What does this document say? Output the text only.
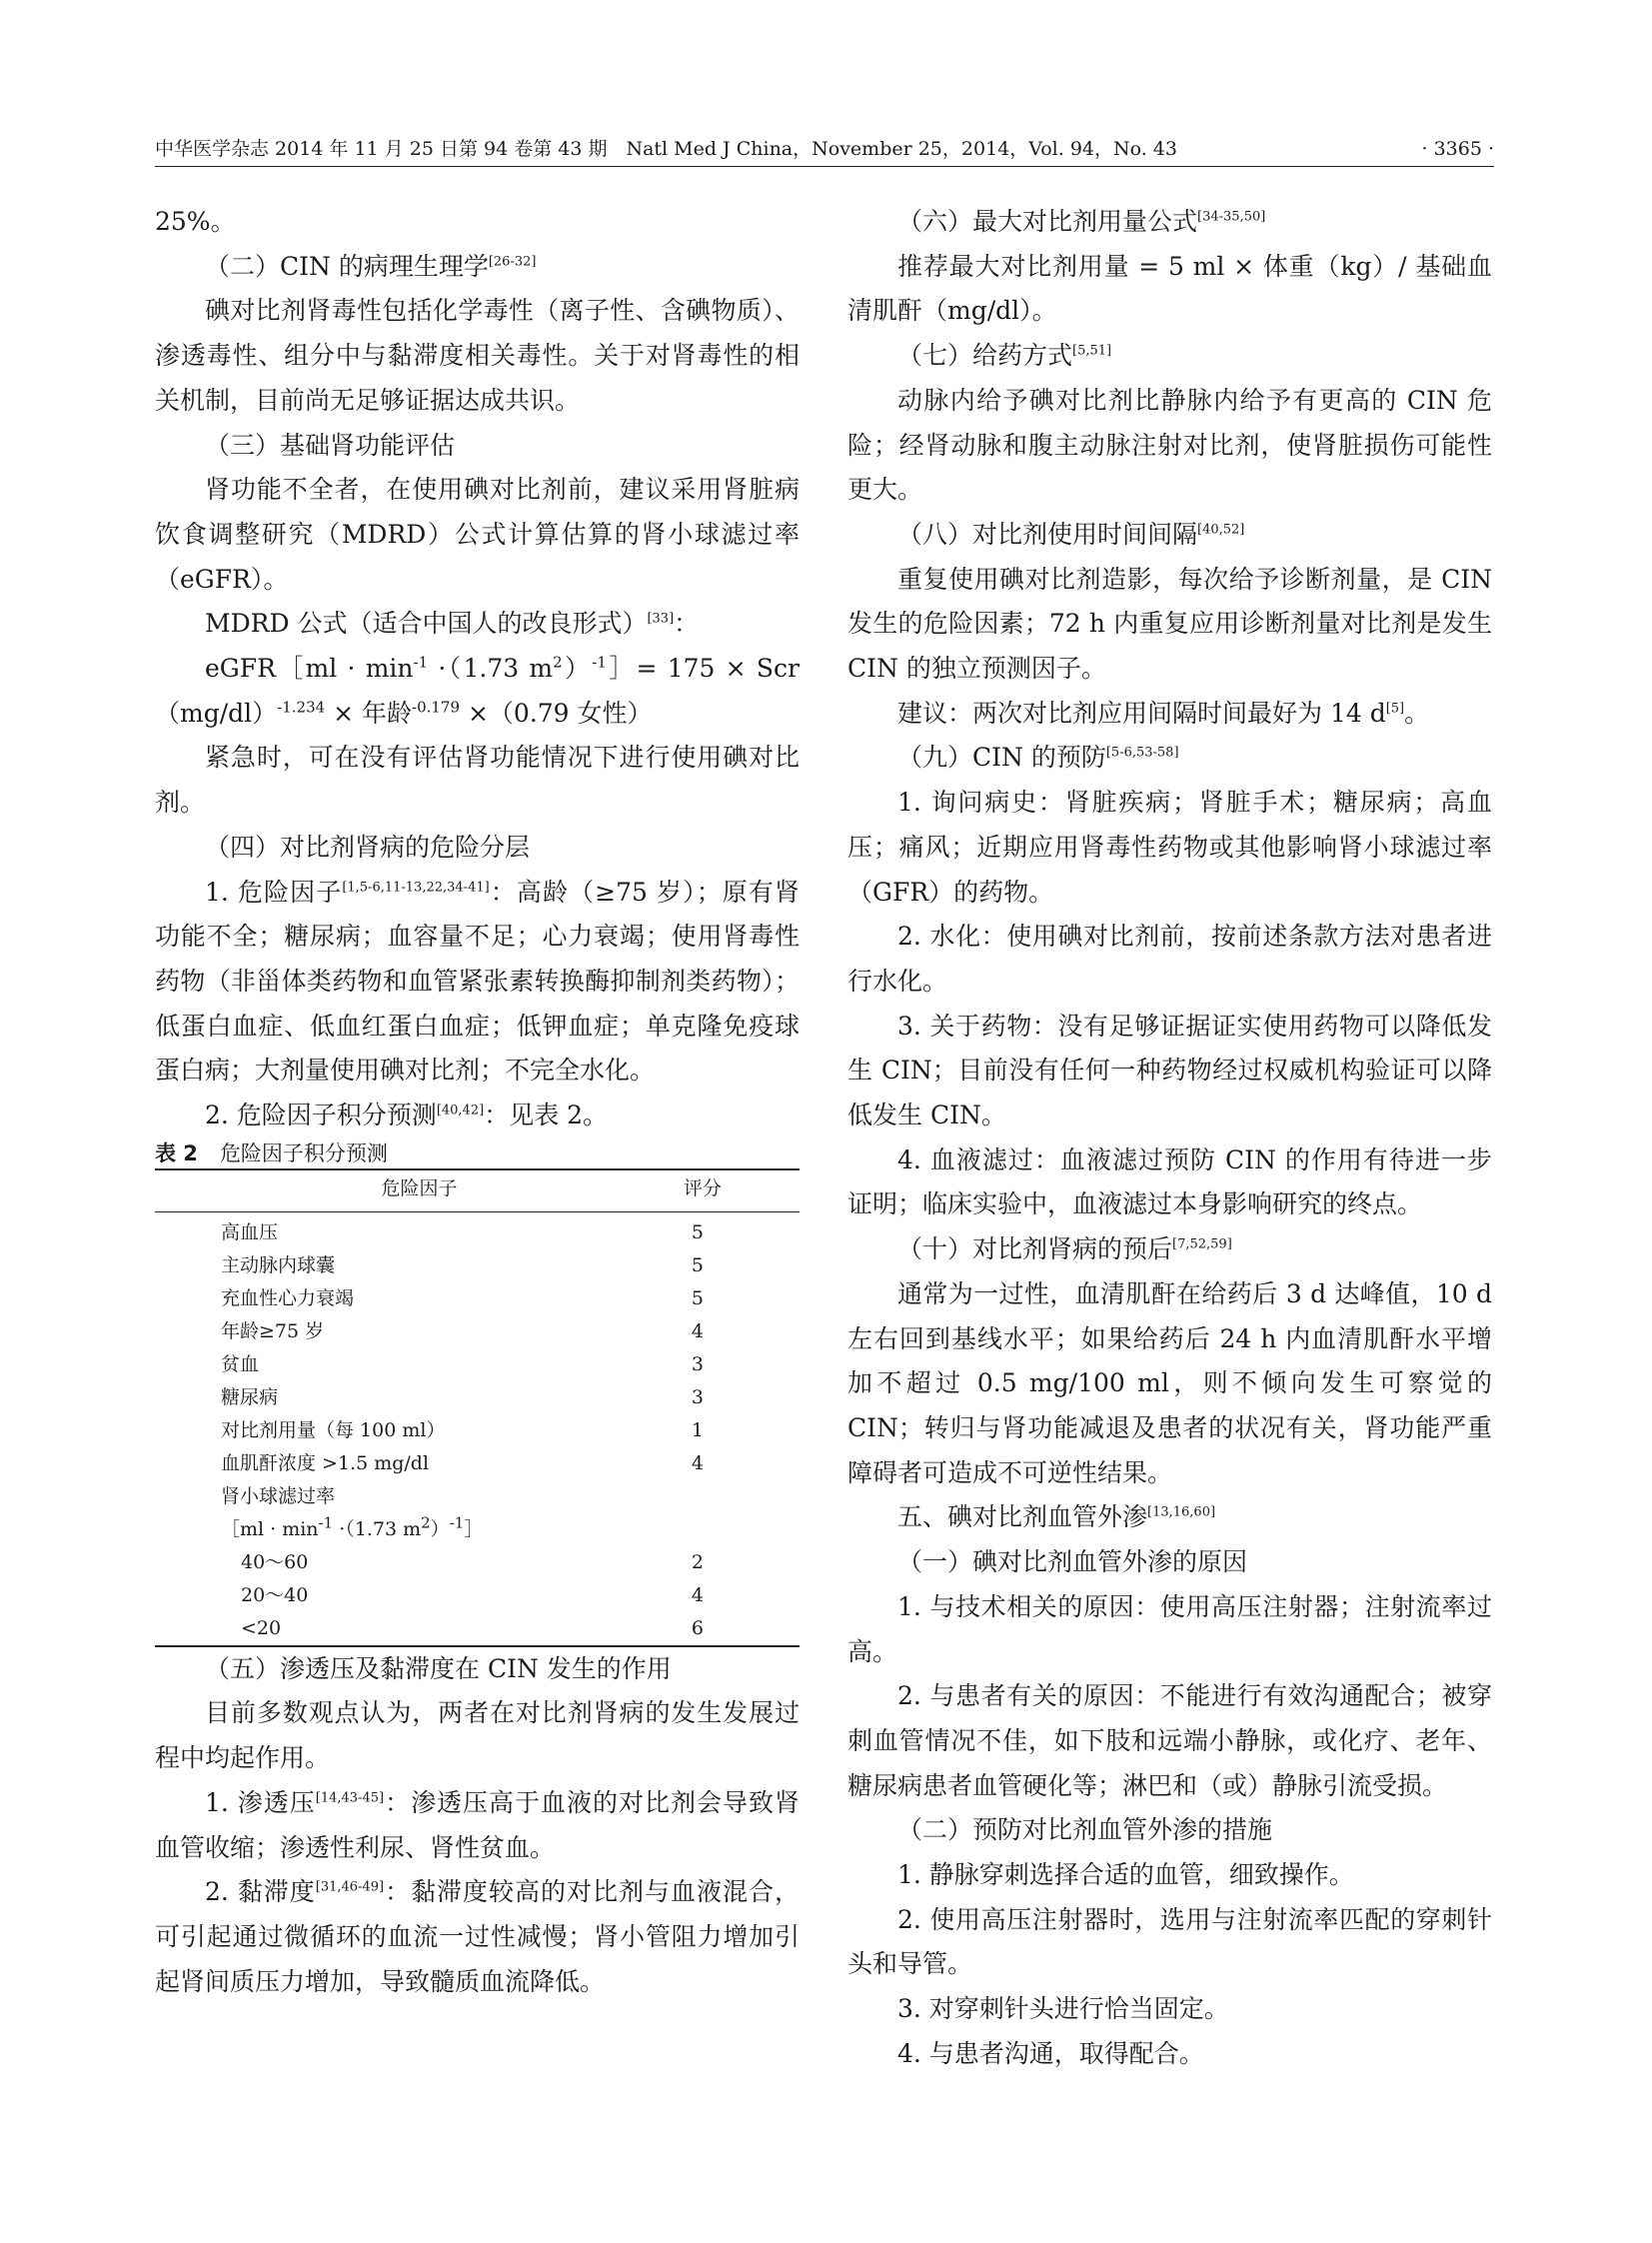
中华医学杂志 2014 年 11 月 25 日第 94 卷第 43 期　Natl Med J China，November 25，2014，Vol. 94，No. 43	· 3365 ·

25%。

（二）CIN 的病理生理学[26-32]

碘对比剂肾毒性包括化学毒性（离子性、含碘物质）、渗透毒性、组分中与黏滞度相关毒性。关于对肾毒性的相关机制，目前尚无足够证据达成共识。

（三）基础肾功能评估

肾功能不全者，在使用碘对比剂前，建议采用肾脏病饮食调整研究（MDRD）公式计算估算的肾小球滤过率（eGFR）。

MDRD 公式（适合中国人的改良形式）[33]：

eGFR［ml · $\min^{-1} \cdot(1.73$ $m^2)^{-1}]= 175 \times Scr(mg/dl)^{-1.234}$ × 年龄$^{-0.179}$ ×（0.79 女性）

紧急时，可在没有评估肾功能情况下进行使用碘对比剂。

（四）对比剂肾病的危险分层

1. 危险因子[1,5-6,11-13,22,34-41]：高龄（≥75 岁）；原有肾功能不全；糖尿病；血容量不足；心力衰竭；使用肾毒性药物（非甾体类药物和血管紧张素转换酶抑制剂类药物）；低蛋白血症、低血红蛋白血症；低钾血症；单克隆免疫球蛋白病；大剂量使用碘对比剂；不完全水化。

2. 危险因子积分预测[40,42]：见表 2。

表 2 危险因子积分预测

危险因子	评分
高血压	5
主动脉内球囊	5
充血性心力衰竭	5
年龄≥75 岁	4
贫血	3
糖尿病	3
对比剂用量（每 100 ml）	1
血肌酐浓度 >1.5 mg/dl	4
肾小球滤过率	
［ml · $\min^{-1} \cdot(1.73$ $m^2)^{-1}]$	
40～60	2
20～40	4
<20	6

（五）渗透压及黏滞度在 CIN 发生的作用

目前多数观点认为，两者在对比剂肾病的发生发展过程中均起作用。

1. 渗透压[14,43-45]：渗透压高于血液的对比剂会导致肾血管收缩；渗透性利尿、肾性贫血。

2. 黏滞度[31,46-49]：黏滞度较高的对比剂与血液混合，可引起通过微循环的血流一过性减慢；肾小管阻力增加引起肾间质压力增加，导致髓质血流降低。

（六）最大对比剂用量公式[34-35,50]

推荐最大对比剂用量 = 5 ml × 体重（kg）/ 基础血清肌酐（mg/dl）。

（七）给药方式[5,51]

动脉内给予碘对比剂比静脉内给予有更高的 CIN 危险；经肾动脉和腹主动脉注射对比剂，使肾脏损伤可能性更大。

（八）对比剂使用时间间隔[40,52]

重复使用碘对比剂造影，每次给予诊断剂量，是 CIN 发生的危险因素；72 h 内重复应用诊断剂量对比剂是发生 CIN 的独立预测因子。

建议：两次对比剂应用间隔时间最好为 14 d[5]。

（九）CIN 的预防[5-6,53-58]

1. 询问病史：肾脏疾病；肾脏手术；糖尿病；高血压；痛风；近期应用肾毒性药物或其他影响肾小球滤过率（GFR）的药物。

2. 水化：使用碘对比剂前，按前述条款方法对患者进行水化。

3. 关于药物：没有足够证据证实使用药物可以降低发生 CIN；目前没有任何一种药物经过权威机构验证可以降低发生 CIN。

4. 血液滤过：血液滤过预防 CIN 的作用有待进一步证明；临床实验中，血液滤过本身影响研究的终点。

（十）对比剂肾病的预后[7,52,59]

通常为一过性，血清肌酐在给药后 3 d 达峰值，10 d 左右回到基线水平；如果给药后 24 h 内血清肌酐水平增加不超过 0.5 mg/100 ml，则不倾向发生可察觉的 CIN；转归与肾功能减退及患者的状况有关，肾功能严重障碍者可造成不可逆性结果。

五、碘对比剂血管外渗[13,16,60]

（一）碘对比剂血管外渗的原因

1. 与技术相关的原因：使用高压注射器；注射流率过高。

2. 与患者有关的原因：不能进行有效沟通配合；被穿刺血管情况不佳，如下肢和远端小静脉，或化疗、老年、糖尿病患者血管硬化等；淋巴和（或）静脉引流受损。

（二）预防对比剂血管外渗的措施

1. 静脉穿刺选择合适的血管，细致操作。

2. 使用高压注射器时，选用与注射流率匹配的穿刺针头和导管。

3. 对穿刺针头进行恰当固定。

4. 与患者沟通，取得配合。
